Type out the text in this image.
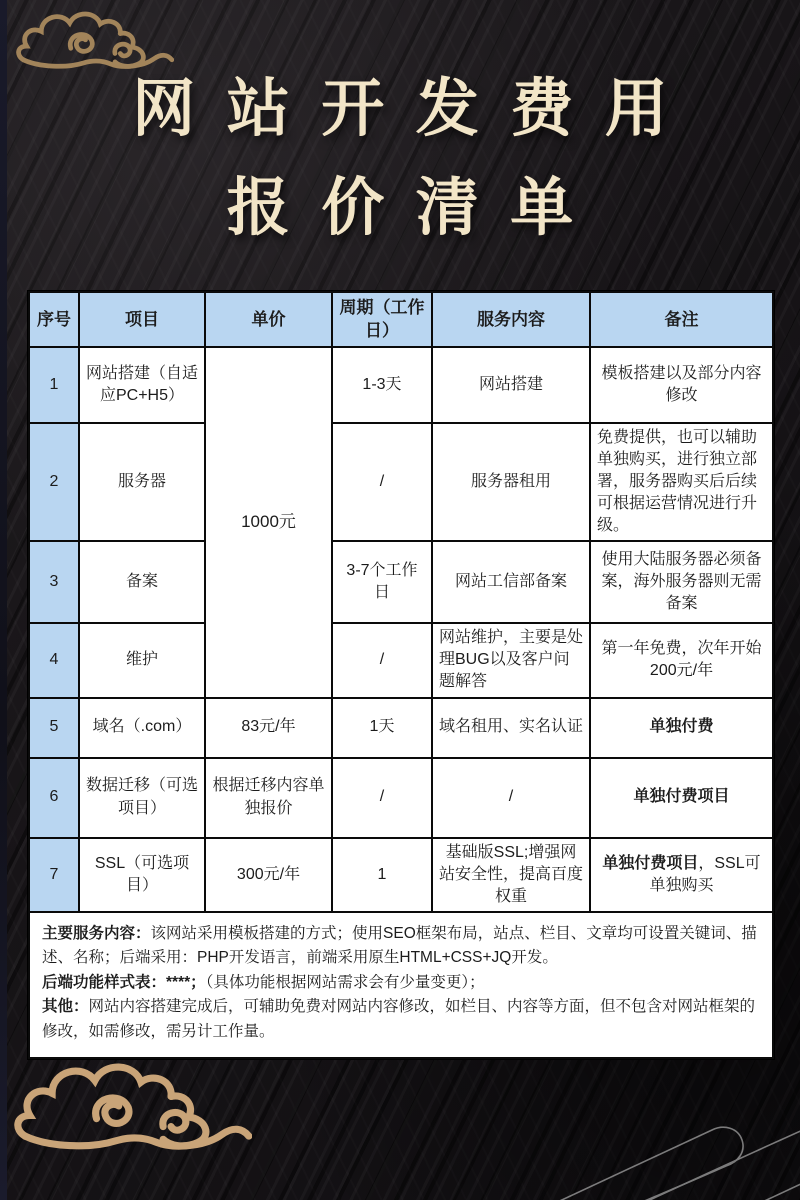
网站开发费用
报价清单
序号	项目	单价	周期（工作日）	服务内容	备注
1	网站搭建（自适应PC+H5）	1000元	1-3天	网站搭建	模板搭建以及部分内容修改
2	服务器		/	服务器租用	免费提供，也可以辅助单独购买，进行独立部署，服务器购买后后续可根据运营情况进行升级。
3	备案		3-7个工作日	网站工信部备案	使用大陆服务器必须备案，海外服务器则无需备案
4	维护		/	网站维护，主要是处理BUG以及客户问题解答	第一年免费，次年开始200元/年
5	域名（.com）	83元/年	1天	域名租用、实名认证	单独付费
6	数据迁移（可选项目）	根据迁移内容单独报价	/	/	单独付费项目
7	SSL（可选项目）	300元/年	1	基础版SSL;增强网站安全性，提高百度权重	单独付费项目，SSL可单独购买

主要服务内容：该网站采用模板搭建的方式；使用SEO框架布局，站点、栏目、文章均可设置关键词、描述、名称；后端采用：PHP开发语言，前端采用原生HTML+CSS+JQ开发。

后端功能样式表：****；（具体功能根据网站需求会有少量变更）；

其他：网站内容搭建完成后，可辅助免费对网站内容修改，如栏目、内容等方面，但不包含对网站框架的修改，如需修改，需另计工作量。					
